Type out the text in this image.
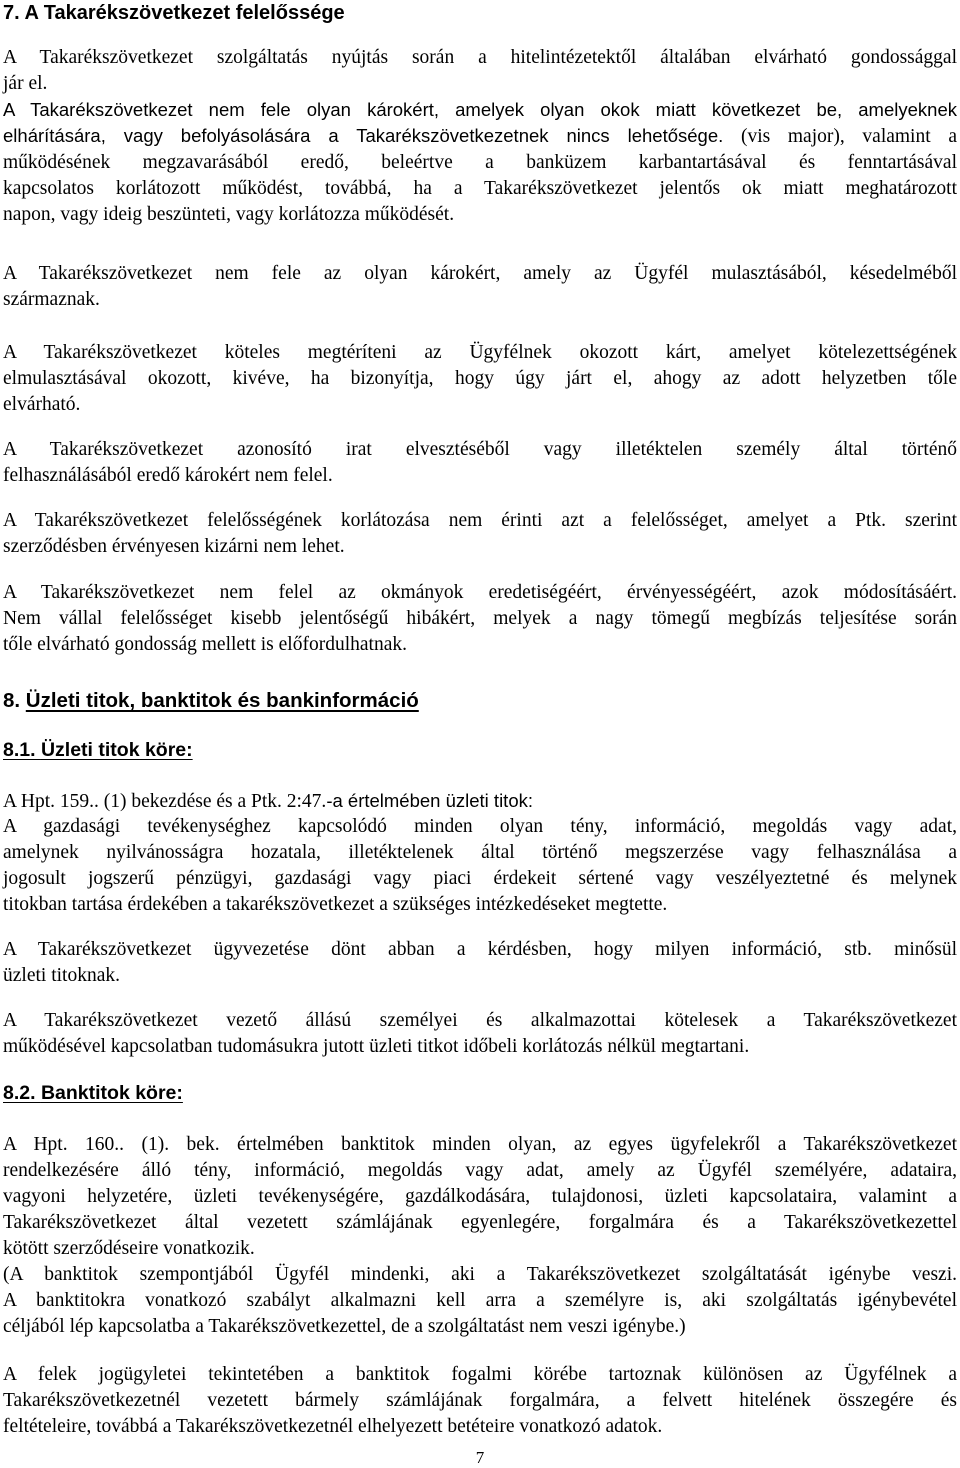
7. A Takarékszövetkezet felelőssége
A Takarékszövetkezet szolgáltatás nyújtás során a hitelintézetektől általában elvárható gondossággal
jár el.
A Takarékszövetkezet nem fele olyan károkért, amelyek olyan okok miatt következet be, amelyeknek
elhárítására, vagy befolyásolására a Takarékszövetkezetnek nincs lehetősége. (vis major), valamint a
működésének megzavarásából eredő, beleértve a banküzem karbantartásával és fenntartásával
kapcsolatos korlátozott működést, továbbá, ha a Takarékszövetkezet jelentős ok miatt meghatározott
napon, vagy ideig beszünteti, vagy korlátozza működését.
A Takarékszövetkezet nem fele az olyan károkért, amely az Ügyfél mulasztásából, késedelméből
származnak.
A Takarékszövetkezet köteles megtéríteni az Ügyfélnek okozott kárt, amelyet kötelezettségének
elmulasztásával okozott, kivéve, ha bizonyítja, hogy úgy járt el, ahogy az adott helyzetben tőle
elvárható.
A Takarékszövetkezet azonosító irat elvesztéséből vagy illetéktelen személy által történő
felhasználásából eredő károkért nem felel.
A Takarékszövetkezet felelősségének korlátozása nem érinti azt a felelősséget, amelyet a Ptk. szerint
szerződésben érvényesen kizárni nem lehet.
A Takarékszövetkezet nem felel az okmányok eredetiségéért, érvényességéért, azok módosításáért.
Nem vállal felelősséget kisebb jelentőségű hibákért, melyek a nagy tömegű megbízás teljesítése során
tőle elvárható gondosság mellett is előfordulhatnak.
8. Üzleti titok, banktitok és bankinformáció
8.1. Üzleti titok köre:
A Hpt. 159.. (1) bekezdése és a Ptk. 2:47.-a értelmében üzleti titok:
A gazdasági tevékenységhez kapcsolódó minden olyan tény, információ, megoldás vagy adat,
amelynek nyilvánosságra hozatala, illetéktelenek által történő megszerzése vagy felhasználása a
jogosult jogszerű pénzügyi, gazdasági vagy piaci érdekeit sértené vagy veszélyeztetné és melynek
titokban tartása érdekében a takarékszövetkezet a szükséges intézkedéseket megtette.
A Takarékszövetkezet ügyvezetése dönt abban a kérdésben, hogy milyen információ, stb. minősül
üzleti titoknak.
A Takarékszövetkezet vezető állású személyei és alkalmazottai kötelesek a Takarékszövetkezet
működésével kapcsolatban tudomásukra jutott üzleti titkot időbeli korlátozás nélkül megtartani.
8.2. Banktitok köre:
A Hpt. 160.. (1). bek. értelmében banktitok minden olyan, az egyes ügyfelekről a Takarékszövetkezet
rendelkezésére álló tény, információ, megoldás vagy adat, amely az Ügyfél személyére, adataira,
vagyoni helyzetére, üzleti tevékenységére, gazdálkodására, tulajdonosi, üzleti kapcsolataira, valamint a
Takarékszövetkezet által vezetett számlájának egyenlegére, forgalmára és a Takarékszövetkezettel
kötött szerződéseire vonatkozik.
(A banktitok szempontjából Ügyfél mindenki, aki a Takarékszövetkezet szolgáltatását igénybe veszi.
A banktitokra vonatkozó szabályt alkalmazni kell arra a személyre is, aki szolgáltatás igénybevétel
céljából lép kapcsolatba a Takarékszövetkezettel, de a szolgáltatást nem veszi igénybe.)
A felek jogügyletei tekintetében a banktitok fogalmi körébe tartoznak különösen az Ügyfélnek a
Takarékszövetkezetnél vezetett bármely számlájának forgalmára, a felvett hitelének összegére és
feltételeire, továbbá a Takarékszövetkezetnél elhelyezett betéteire vonatkozó adatok.
7
